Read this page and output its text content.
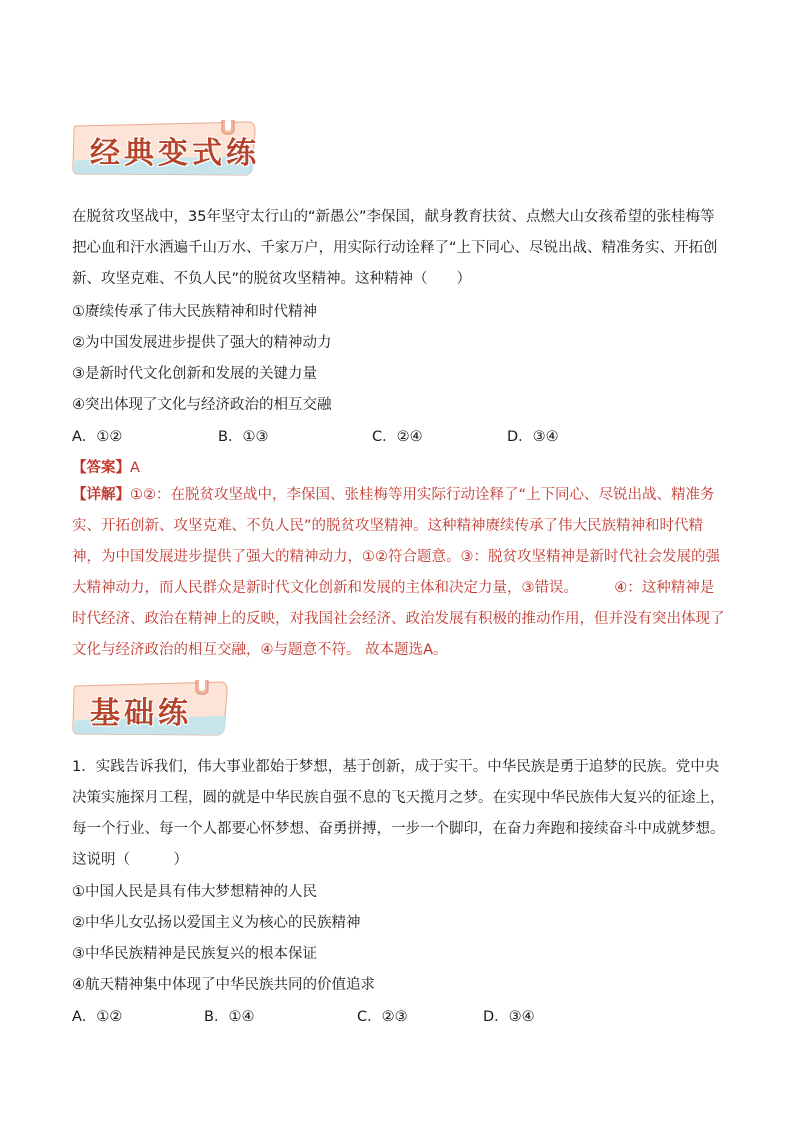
经典变式练
在脱贫攻坚战中，35年坚守太行山的“新愚公”李保国，献身教育扶贫、点燃大山女孩希望的张桂梅等把心血和汗水洒遍千山万水、千家万户，用实际行动诠释了“上下同心、尽锐出战、精准务实、开拓创新、攻坚克难、不负人民”的脱贫攻坚精神。这种精神（　　）
①赓续传承了伟大民族精神和时代精神
②为中国发展进步提供了强大的精神动力
③是新时代文化创新和发展的关键力量
④突出体现了文化与经济政治的相互交融
A．①②	B．①③	C．②④	D．③④
【答案】A
【详解】①②：在脱贫攻坚战中，李保国、张桂梅等用实际行动诠释了“上下同心、尽锐出战、精准务实、开拓创新、攻坚克难、不负人民”的脱贫攻坚精神。这种精神赓续传承了伟大民族精神和时代精神，为中国发展进步提供了强大的精神动力，①②符合题意。③：脱贫攻坚精神是新时代社会发展的强大精神动力，而人民群众是新时代文化创新和发展的主体和决定力量，③错误。　　　④：这种精神是时代经济、政治在精神上的反映，对我国社会经济、政治发展有积极的推动作用，但并没有突出体现了文化与经济政治的相互交融，④与题意不符。 故本题选A。
基础练
1．实践告诉我们，伟大事业都始于梦想，基于创新，成于实干。中华民族是勇于追梦的民族。党中央决策实施探月工程，圆的就是中华民族自强不息的飞天揽月之梦。在实现中华民族伟大复兴的征途上，每一个行业、每一个人都要心怀梦想、奋勇拼搏，一步一个脚印，在奋力奔跑和接续奋斗中成就梦想。这说明（　　　）
①中国人民是具有伟大梦想精神的人民
②中华儿女弘扬以爱国主义为核心的民族精神
③中华民族精神是民族复兴的根本保证
④航天精神集中体现了中华民族共同的价值追求
A．①②	B．①④	C．②③	D．③④
